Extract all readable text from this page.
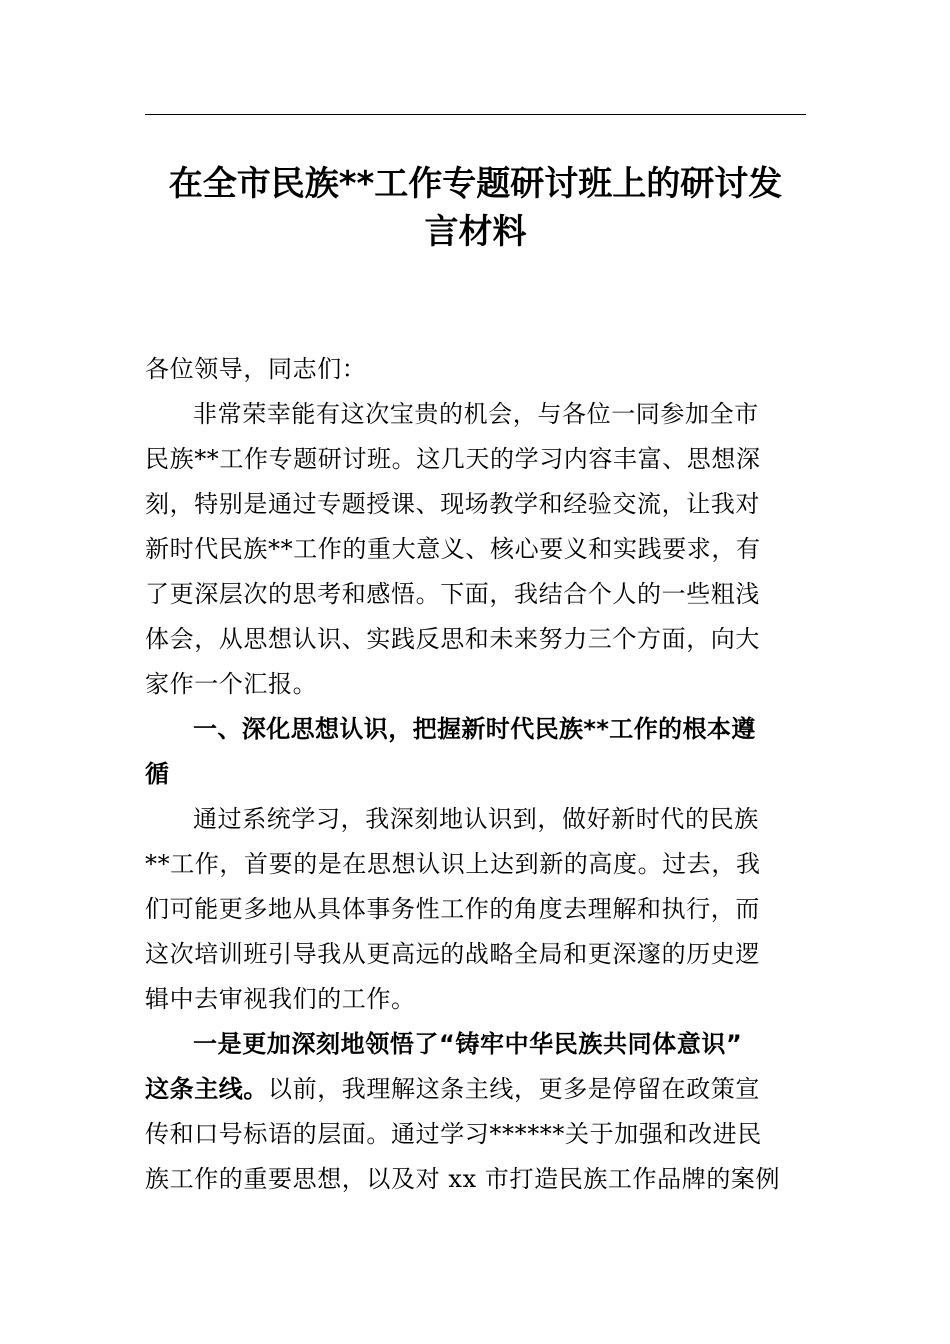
在全市民族**工作专题研讨班上的研讨发
言材料

各位领导，同志们：

非常荣幸能有这次宝贵的机会，与各位一同参加全市
民族**工作专题研讨班。这几天的学习内容丰富、思想深
刻，特别是通过专题授课、现场教学和经验交流，让我对
新时代民族**工作的重大意义、核心要义和实践要求，有
了更深层次的思考和感悟。下面，我结合个人的一些粗浅
体会，从思想认识、实践反思和未来努力三个方面，向大
家作一个汇报。

一、深化思想认识，把握新时代民族**工作的根本遵
循

通过系统学习，我深刻地认识到，做好新时代的民族
**工作，首要的是在思想认识上达到新的高度。过去，我
们可能更多地从具体事务性工作的角度去理解和执行，而
这次培训班引导我从更高远的战略全局和更深邃的历史逻
辑中去审视我们的工作。

一是更加深刻地领悟了“铸牢中华民族共同体意识”
这条主线。以前，我理解这条主线，更多是停留在政策宣
传和口号标语的层面。通过学习******关于加强和改进民
族工作的重要思想，以及对 xx 市打造民族工作品牌的案例
